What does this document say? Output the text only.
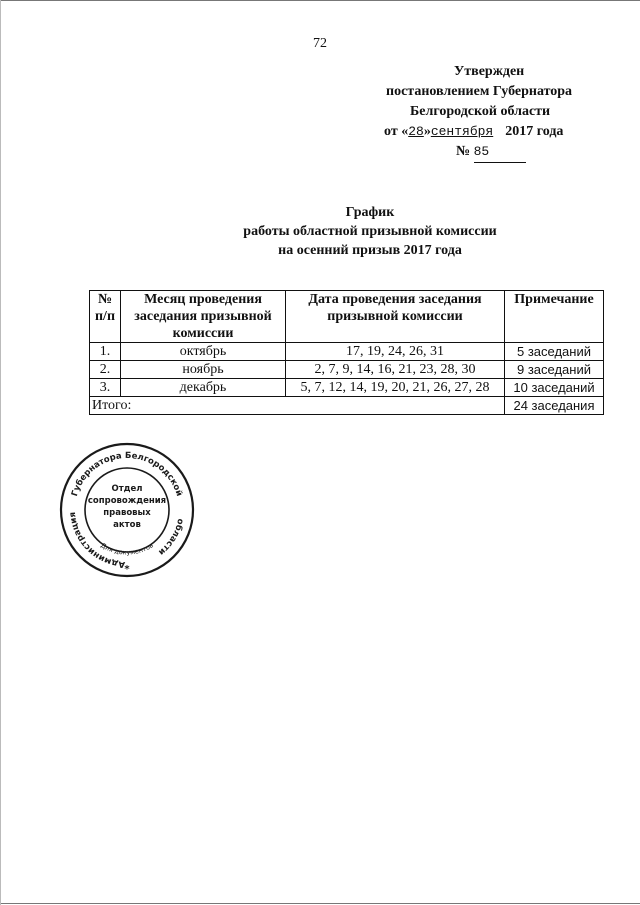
72
Утвержден
постановлением Губернатора
Белгородской области
от «28»сентября 2017 года
№ 85
График
работы областной призывной комиссии
на осенний призыв 2017 года
№ п/п	Месяц проведения заседания призывной комиссии	Дата проведения заседания призывной комиссии	Примечание
1.	октябрь	17, 19, 24, 26, 31	5 заседаний
2.	ноябрь	2, 7, 9, 14, 16, 21, 23, 28, 30	9 заседаний
3.	декабрь	5, 7, 12, 14, 19, 20, 21, 26, 27, 28	10 заседаний
Итого:			24 заседания
Губернатора Белгородской
Администрация
области
Для документов
Отдел
сопровождения
правовых
актов
*
